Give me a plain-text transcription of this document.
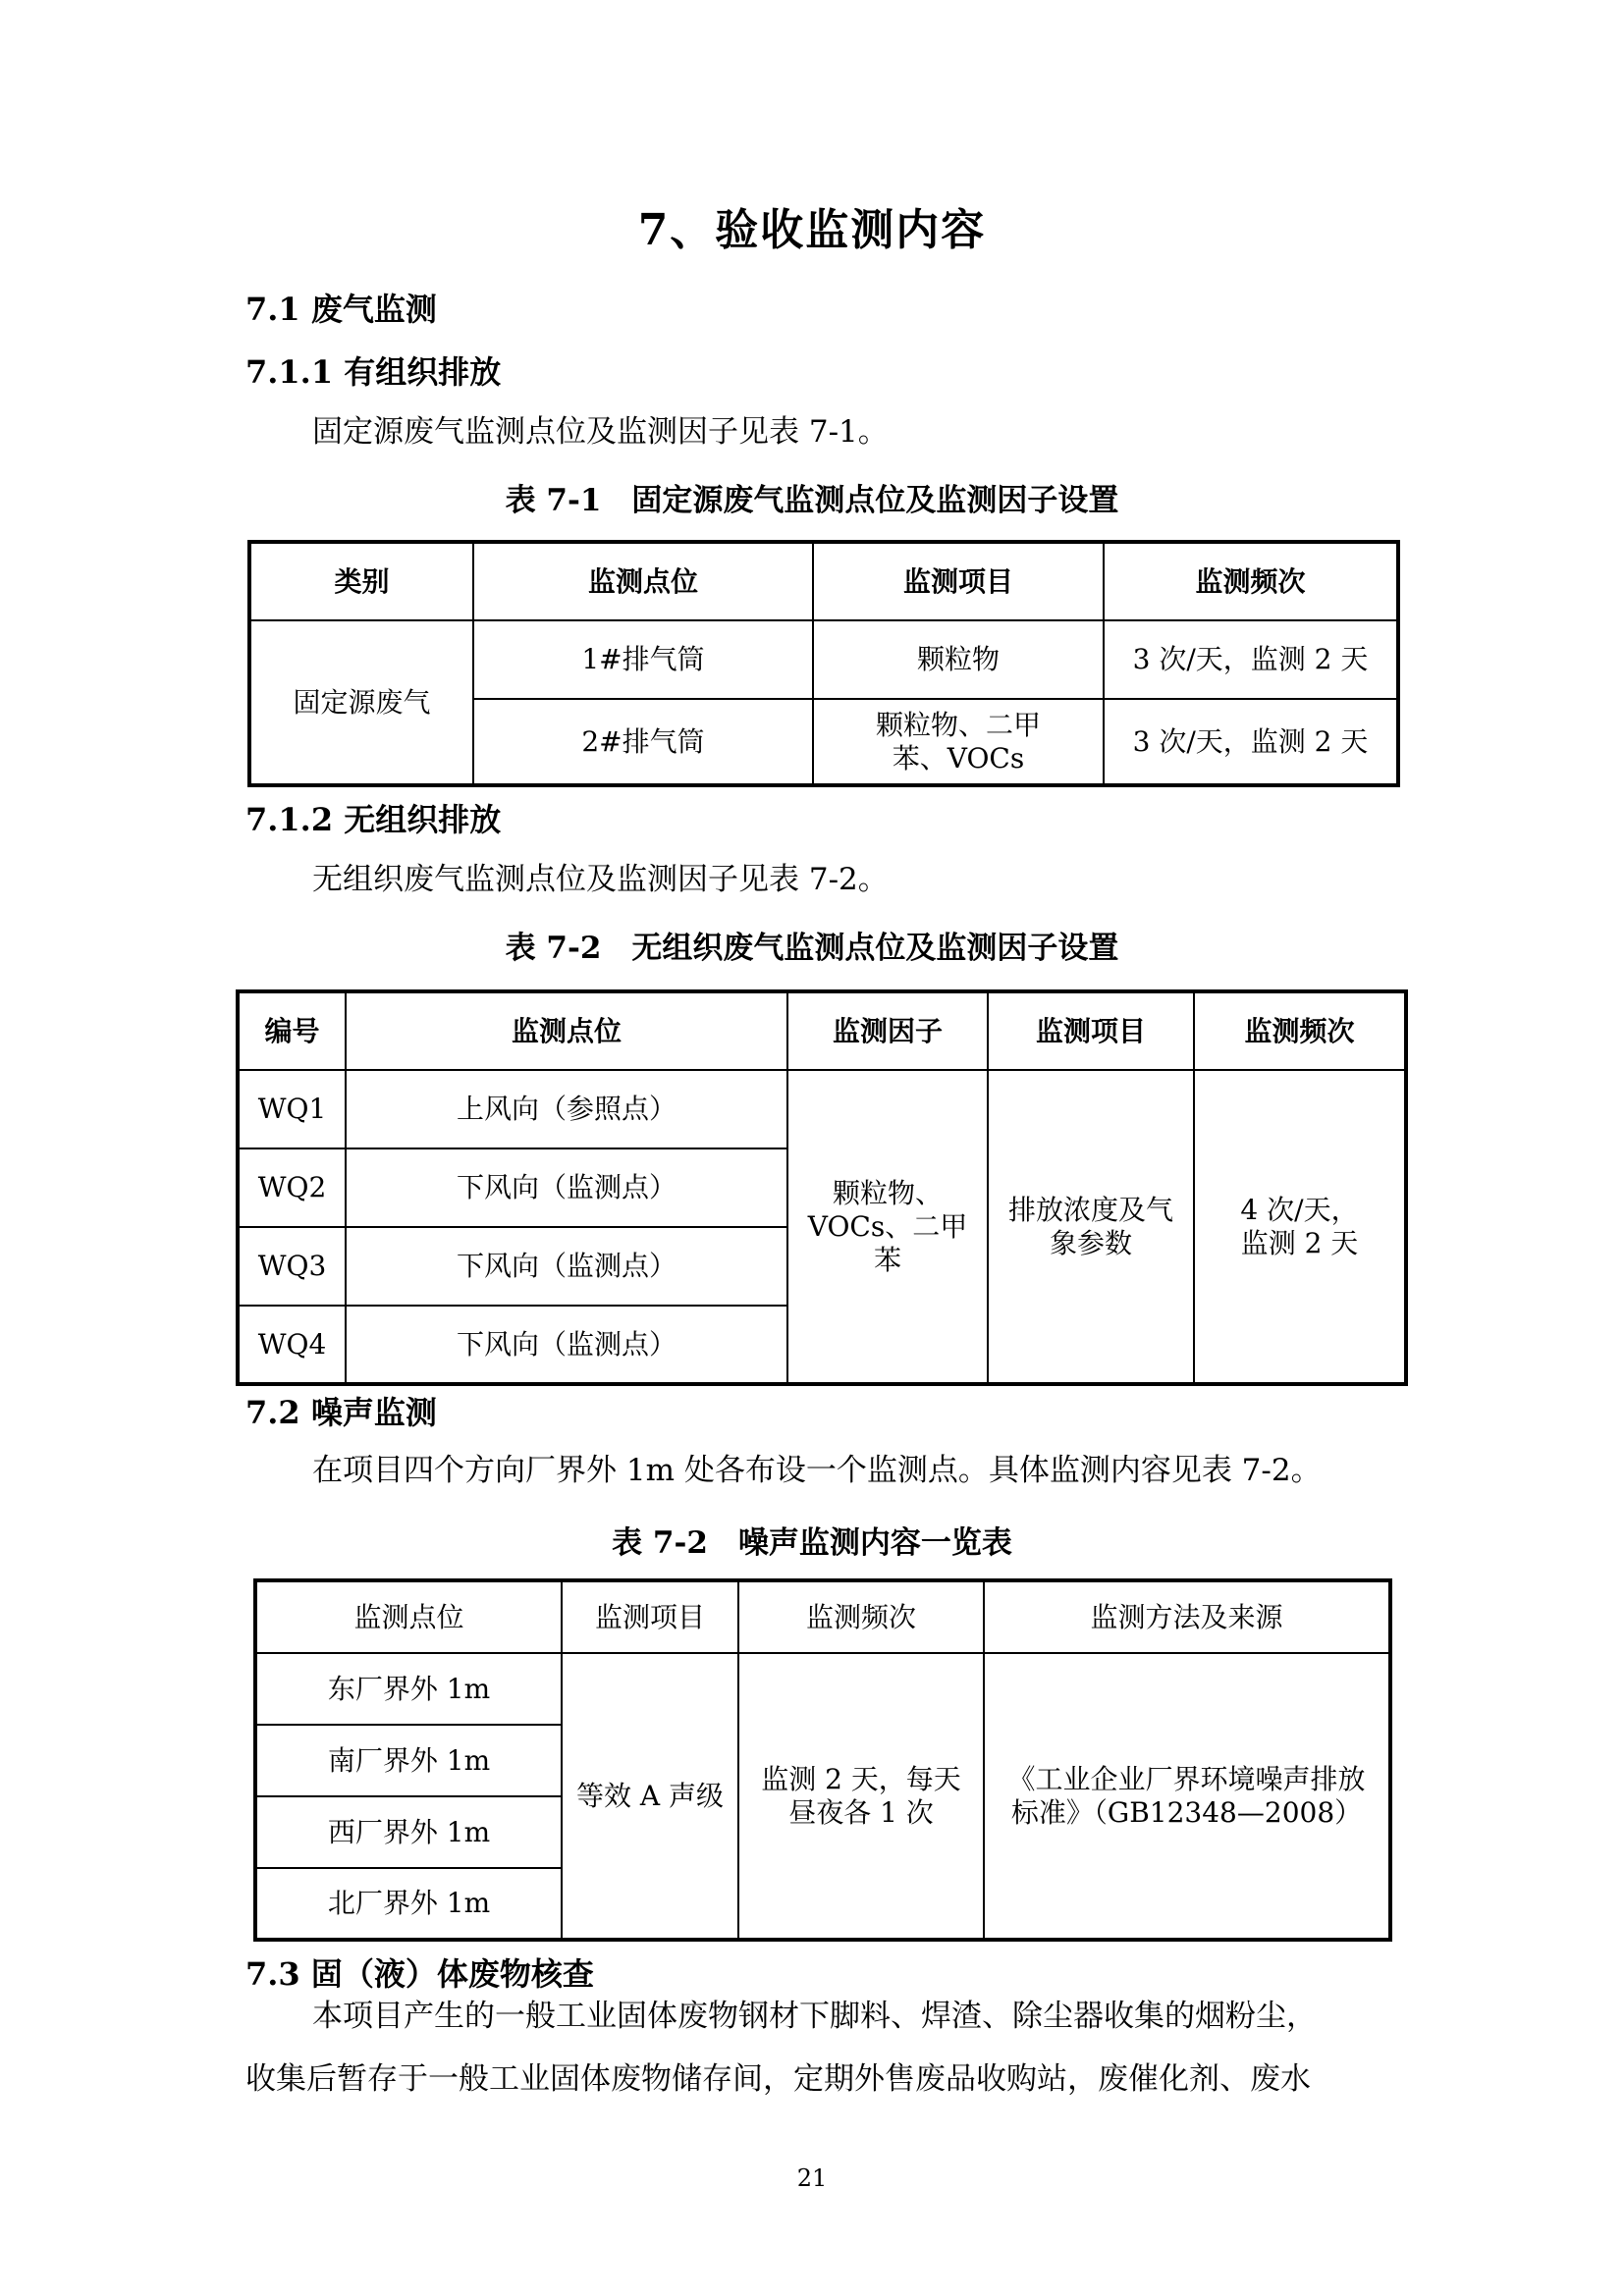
7、验收监测内容
7.1 废气监测
7.1.1 有组织排放
固定源废气监测点位及监测因子见表 7-1。
表 7-1　固定源废气监测点位及监测因子设置
类别	监测点位	监测项目	监测频次
固定源废气	1#排气筒	颗粒物	3 次/天，监测 2 天
	2#排气筒	颗粒物、二甲苯、VOCs	3 次/天，监测 2 天
7.1.2 无组织排放
无组织废气监测点位及监测因子见表 7-2。
表 7-2　无组织废气监测点位及监测因子设置
编号	监测点位	监测因子	监测项目	监测频次
WQ1	上风向（参照点）	颗粒物、VOCs、二甲苯	排放浓度及气象参数	4 次/天，监测 2 天
WQ2	下风向（监测点）			
WQ3	下风向（监测点）			
WQ4	下风向（监测点）			
7.2 噪声监测
在项目四个方向厂界外 1m 处各布设一个监测点。具体监测内容见表 7-2。
表 7-2　噪声监测内容一览表
监测点位	监测项目	监测频次	监测方法及来源
东厂界外 1m	等效 A 声级	监测 2 天，每天昼夜各 1 次	《工业企业厂界环境噪声排放标准》（GB12348—2008）
南厂界外 1m			
西厂界外 1m			
北厂界外 1m			
7.3 固（液）体废物核查
本项目产生的一般工业固体废物钢材下脚料、焊渣、除尘器收集的烟粉尘，
收集后暂存于一般工业固体废物储存间，定期外售废品收购站，废催化剂、废水
21
